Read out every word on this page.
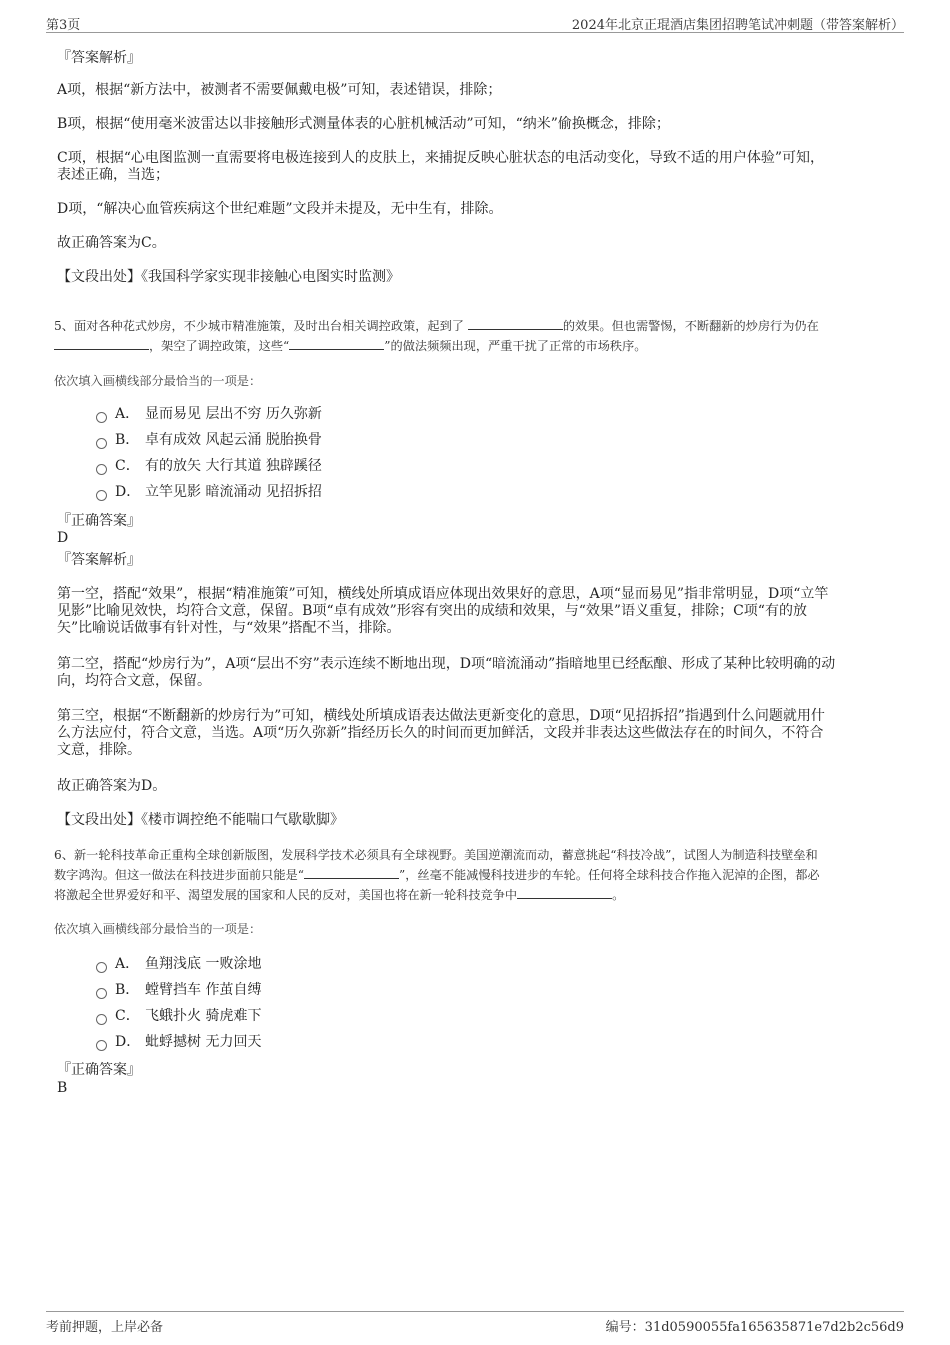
第3页	2024年北京正琨酒店集团招聘笔试冲刺题（带答案解析）
『答案解析』
A项，根据“新方法中，被测者不需要佩戴电极”可知，表述错误，排除；
B项，根据“使用毫米波雷达以非接触形式测量体表的心脏机械活动”可知，“纳米”偷换概念，排除；
C项，根据“心电图监测一直需要将电极连接到人的皮肤上，来捕捉反映心脏状态的电活动变化，导致不适的用户体验”可知，
表述正确，当选；
D项，“解决心血管疾病这个世纪难题”文段并未提及，无中生有，排除。
故正确答案为C。
【文段出处】《我国科学家实现非接触心电图实时监测》
5、面对各种花式炒房，不少城市精准施策，及时出台相关调控政策，起到了	的效果。但也需警惕，不断翻新的炒房行为仍在
，架空了调控政策，这些“	”的做法频频出现，严重干扰了正常的市场秩序。
依次填入画横线部分最恰当的一项是：
A． 显而易见 层出不穷 历久弥新
B． 卓有成效 风起云涌 脱胎换骨
C． 有的放矢 大行其道 独辟蹊径
D． 立竿见影 暗流涌动 见招拆招
『正确答案』
D
『答案解析』
第一空，搭配“效果”，根据“精准施策”可知，横线处所填成语应体现出效果好的意思，A项“显而易见”指非常明显，D项“立竿
见影”比喻见效快，均符合文意，保留。B项“卓有成效”形容有突出的成绩和效果，与“效果”语义重复，排除；C项“有的放
矢”比喻说话做事有针对性，与“效果”搭配不当，排除。
第二空，搭配“炒房行为”，A项“层出不穷”表示连续不断地出现，D项“暗流涌动”指暗地里已经酝酿、形成了某种比较明确的动
向，均符合文意，保留。
第三空，根据“不断翻新的炒房行为”可知，横线处所填成语表达做法更新变化的意思，D项“见招拆招”指遇到什么问题就用什
么方法应付，符合文意，当选。A项“历久弥新”指经历长久的时间而更加鲜活，文段并非表达这些做法存在的时间久，不符合
文意，排除。
故正确答案为D。
【文段出处】《楼市调控绝不能喘口气歇歇脚》
6、新一轮科技革命正重构全球创新版图，发展科学技术必须具有全球视野。美国逆潮流而动，蓄意挑起“科技冷战”，试图人为制造科技壁垒和
数字鸿沟。但这一做法在科技进步面前只能是“	”，丝毫不能减慢科技进步的车轮。任何将全球科技合作拖入泥淖的企图，都必
将激起全世界爱好和平、渴望发展的国家和人民的反对，美国也将在新一轮科技竞争中	。
依次填入画横线部分最恰当的一项是：
A． 鱼翔浅底 一败涂地
B． 螳臂挡车 作茧自缚
C． 飞蛾扑火 骑虎难下
D． 蚍蜉撼树 无力回天
『正确答案』
B
考前押题，上岸必备	编号：31d0590055fa165635871e7d2b2c56d9
